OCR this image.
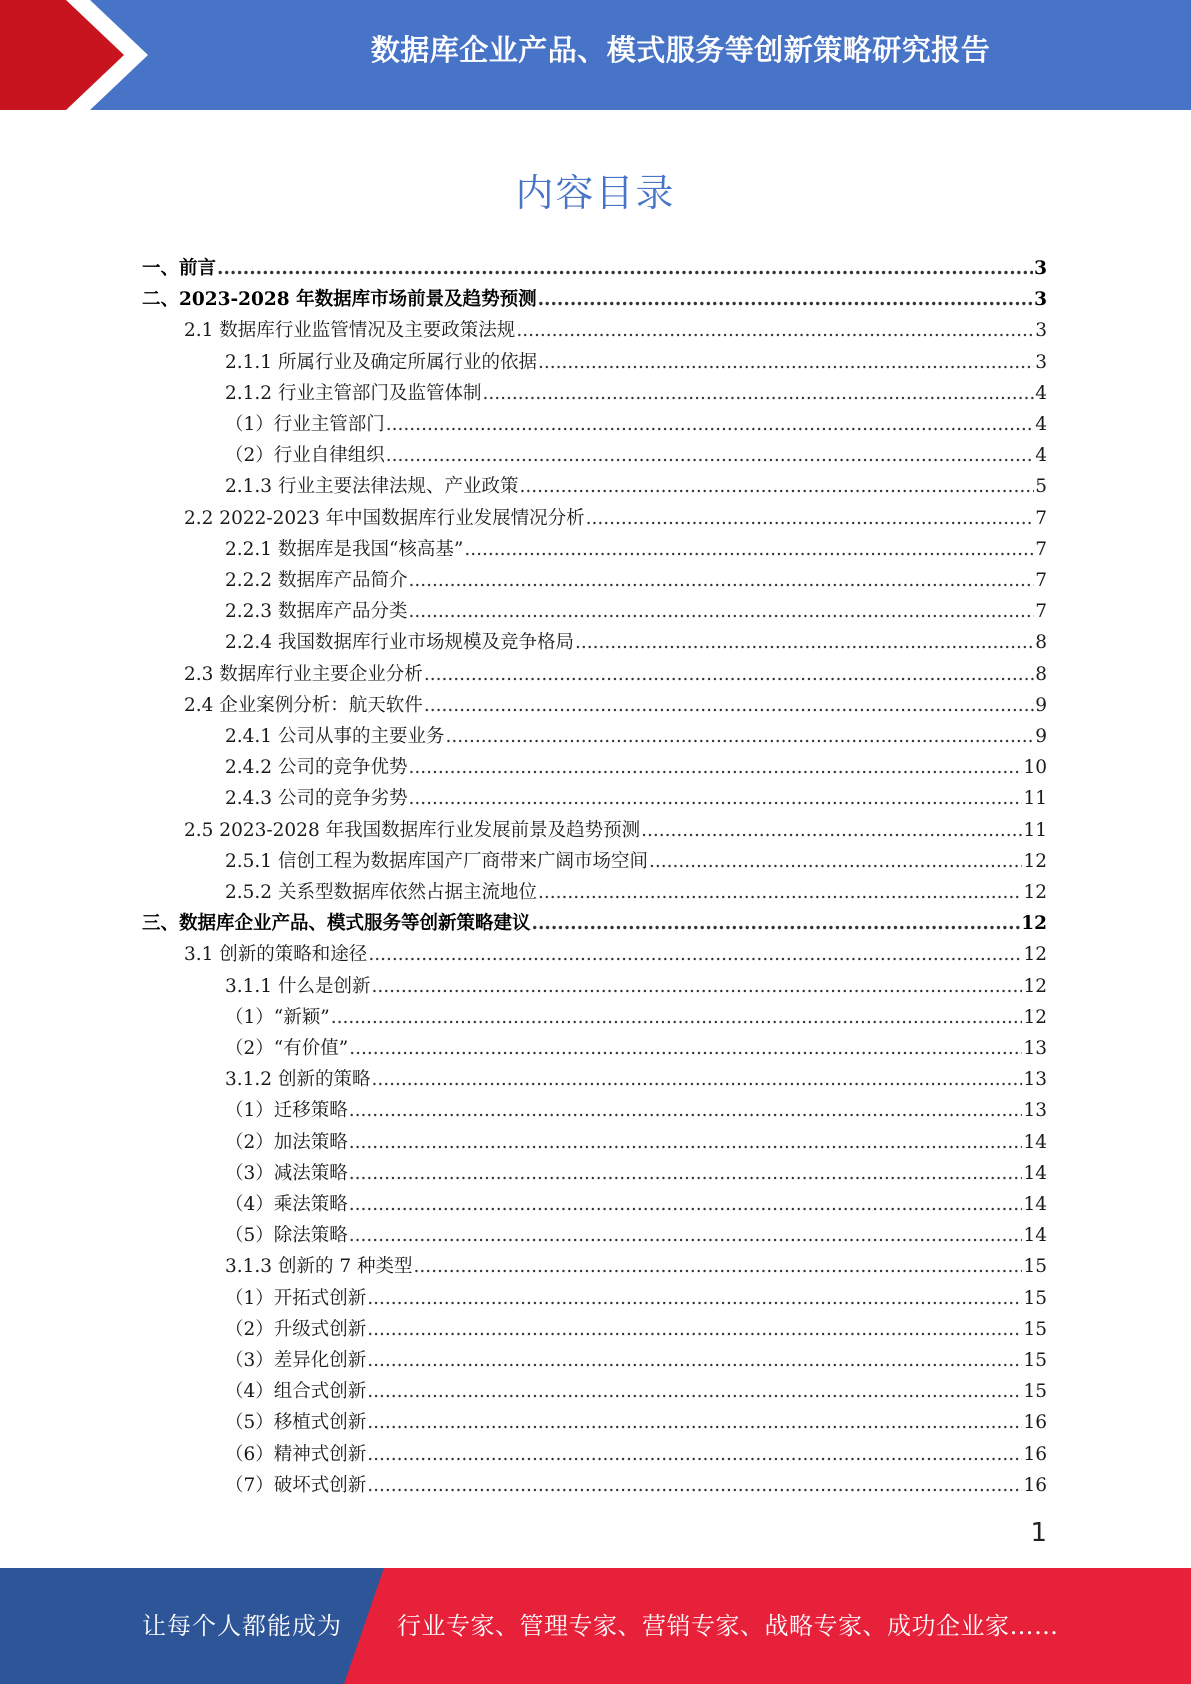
数据库企业产品、模式服务等创新策略研究报告
内容目录
一、前言 .....	3
二、2023-2028 年数据库市场前景及趋势预测 .....	3
2.1 数据库行业监管情况及主要政策法规 .....	3
2.1.1 所属行业及确定所属行业的依据 .....	3
2.1.2 行业主管部门及监管体制 .....	4
（1）行业主管部门 .....	4
（2）行业自律组织 .....	4
2.1.3 行业主要法律法规、产业政策 .....	5
2.2 2022-2023 年中国数据库行业发展情况分析 .....	7
2.2.1 数据库是我国“核高基” .....	7
2.2.2 数据库产品简介 .....	7
2.2.3 数据库产品分类 .....	7
2.2.4 我国数据库行业市场规模及竞争格局 .....	8
2.3 数据库行业主要企业分析 .....	8
2.4 企业案例分析：航天软件 .....	9
2.4.1 公司从事的主要业务 .....	9
2.4.2 公司的竞争优势 .....	10
2.4.3 公司的竞争劣势 .....	11
2.5 2023-2028 年我国数据库行业发展前景及趋势预测 .....	11
2.5.1 信创工程为数据库国产厂商带来广阔市场空间 .....	12
2.5.2 关系型数据库依然占据主流地位 .....	12
三、数据库企业产品、模式服务等创新策略建议 .....	12
3.1 创新的策略和途径 .....	12
3.1.1 什么是创新 .....	12
（1）“新颖” .....	12
（2）“有价值” .....	13
3.1.2 创新的策略 .....	13
（1）迁移策略 .....	13
（2）加法策略 .....	14
（3）减法策略 .....	14
（4）乘法策略 .....	14
（5）除法策略 .....	14
3.1.3 创新的 7 种类型 .....	15
（1）开拓式创新 .....	15
（2）升级式创新 .....	15
（3）差异化创新 .....	15
（4）组合式创新 .....	15
（5）移植式创新 .....	16
（6）精神式创新 .....	16
（7）破坏式创新 .....	16
1
让每个人都能成为 行业专家、管理专家、营销专家、战略专家、成功企业家……
